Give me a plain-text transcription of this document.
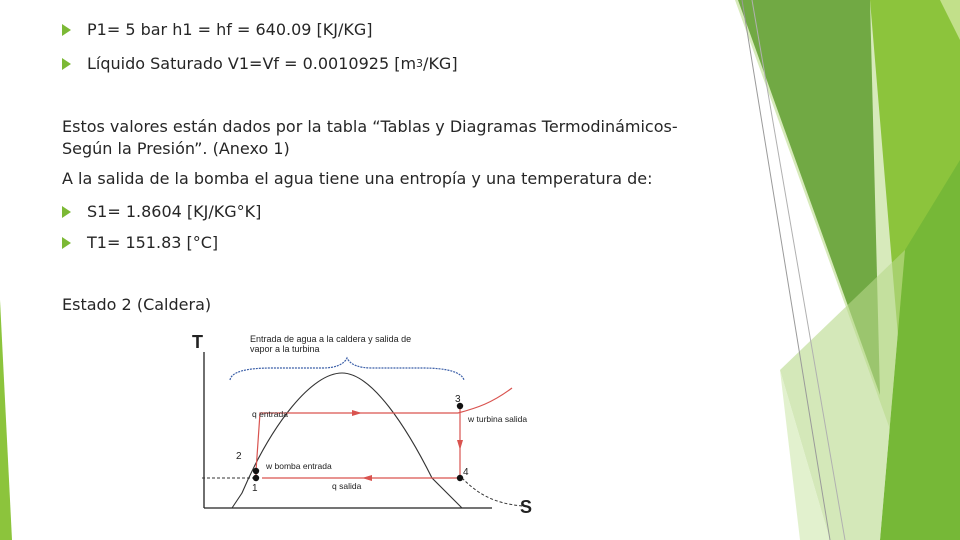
P1= 5 bar h1 = hf = 640.09 [KJ/KG]
Líquido Saturado V1=Vf = 0.0010925 [m 3 /KG]
Estos valores están dados por la tabla “Tablas y Diagramas Termodinámicos-
Según la Presión”. (Anexo 1)
A la salida de la bomba el agua tiene una entropía y una temperatura de:
S1= 1.8604 [KJ/KG°K]
T1= 151.83 [°C]
Estado 2 (Caldera)
Entrada de agua a la caldera y salida de
vapor a la turbina
T
S
1
2
3
4
q entrada	w turbina salida
w bomba entrada
q salida
